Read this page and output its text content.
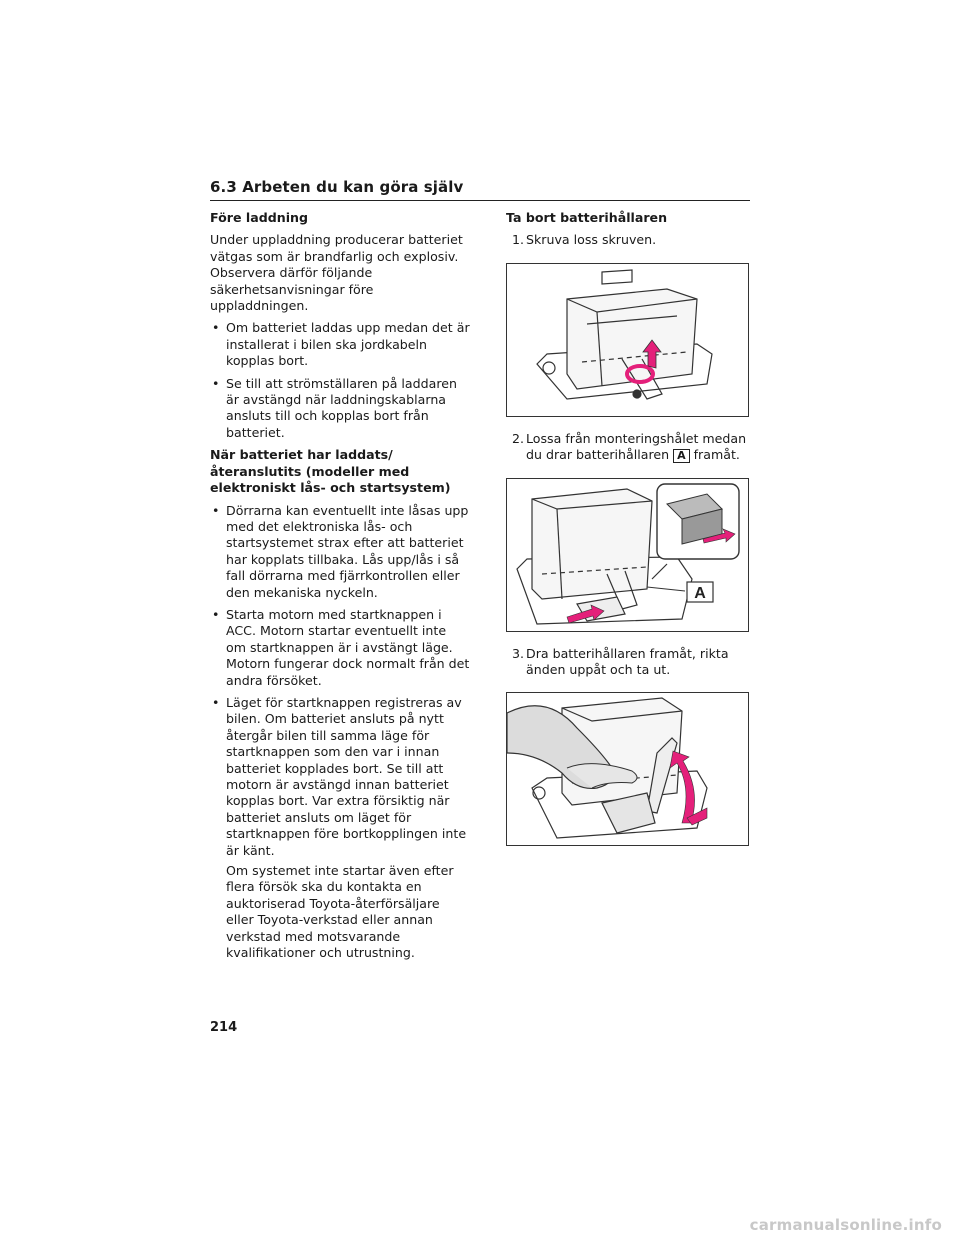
6.3 Arbeten du kan göra själv
Före laddning

Under uppladdning producerar batteriet vätgas som är brandfarlig och explosiv. Observera därför följande säkerhetsanvisningar före uppladdningen.

• Om batteriet laddas upp medan det är installerat i bilen ska jordkabeln kopplas bort.
• Se till att strömställaren på laddaren är avstängd när laddningskablarna ansluts till och kopplas bort från batteriet.
När batteriet har laddats/återanslutits (modeller med elektroniskt lås- och startsystem)
• Dörrarna kan eventuellt inte låsas upp med det elektroniska lås- och startsystemet strax efter att batteriet har kopplats tillbaka. Lås upp/lås i så fall dörrarna med fjärrkontrollen eller den mekaniska nyckeln.
• Starta motorn med startknappen i ACC. Motorn startar eventuellt inte om startknappen är i avstängt läge. Motorn fungerar dock normalt från det andra försöket.
• Läget för startknappen registreras av bilen. Om batteriet ansluts på nytt återgår bilen till samma läge för startknappen som den var i innan batteriet kopplades bort. Se till att motorn är avstängd innan batteriet kopplas bort. Var extra försiktig när batteriet ansluts om läget för startknappen före bortkopplingen inte är känt.

Om systemet inte startar även efter flera försök ska du kontakta en auktoriserad Toyota-återförsäljare eller Toyota-verkstad eller annan verkstad med motsvarande kvalifikationer och utrustning.

Ta bort batterihållaren
1. Skruva loss skruven.
2. Lossa från monteringshålet medan du drar batterihållaren A framåt.
A
3. Dra batterihållaren framåt, rikta änden uppåt och ta ut.
214
carmanualsonline.info
